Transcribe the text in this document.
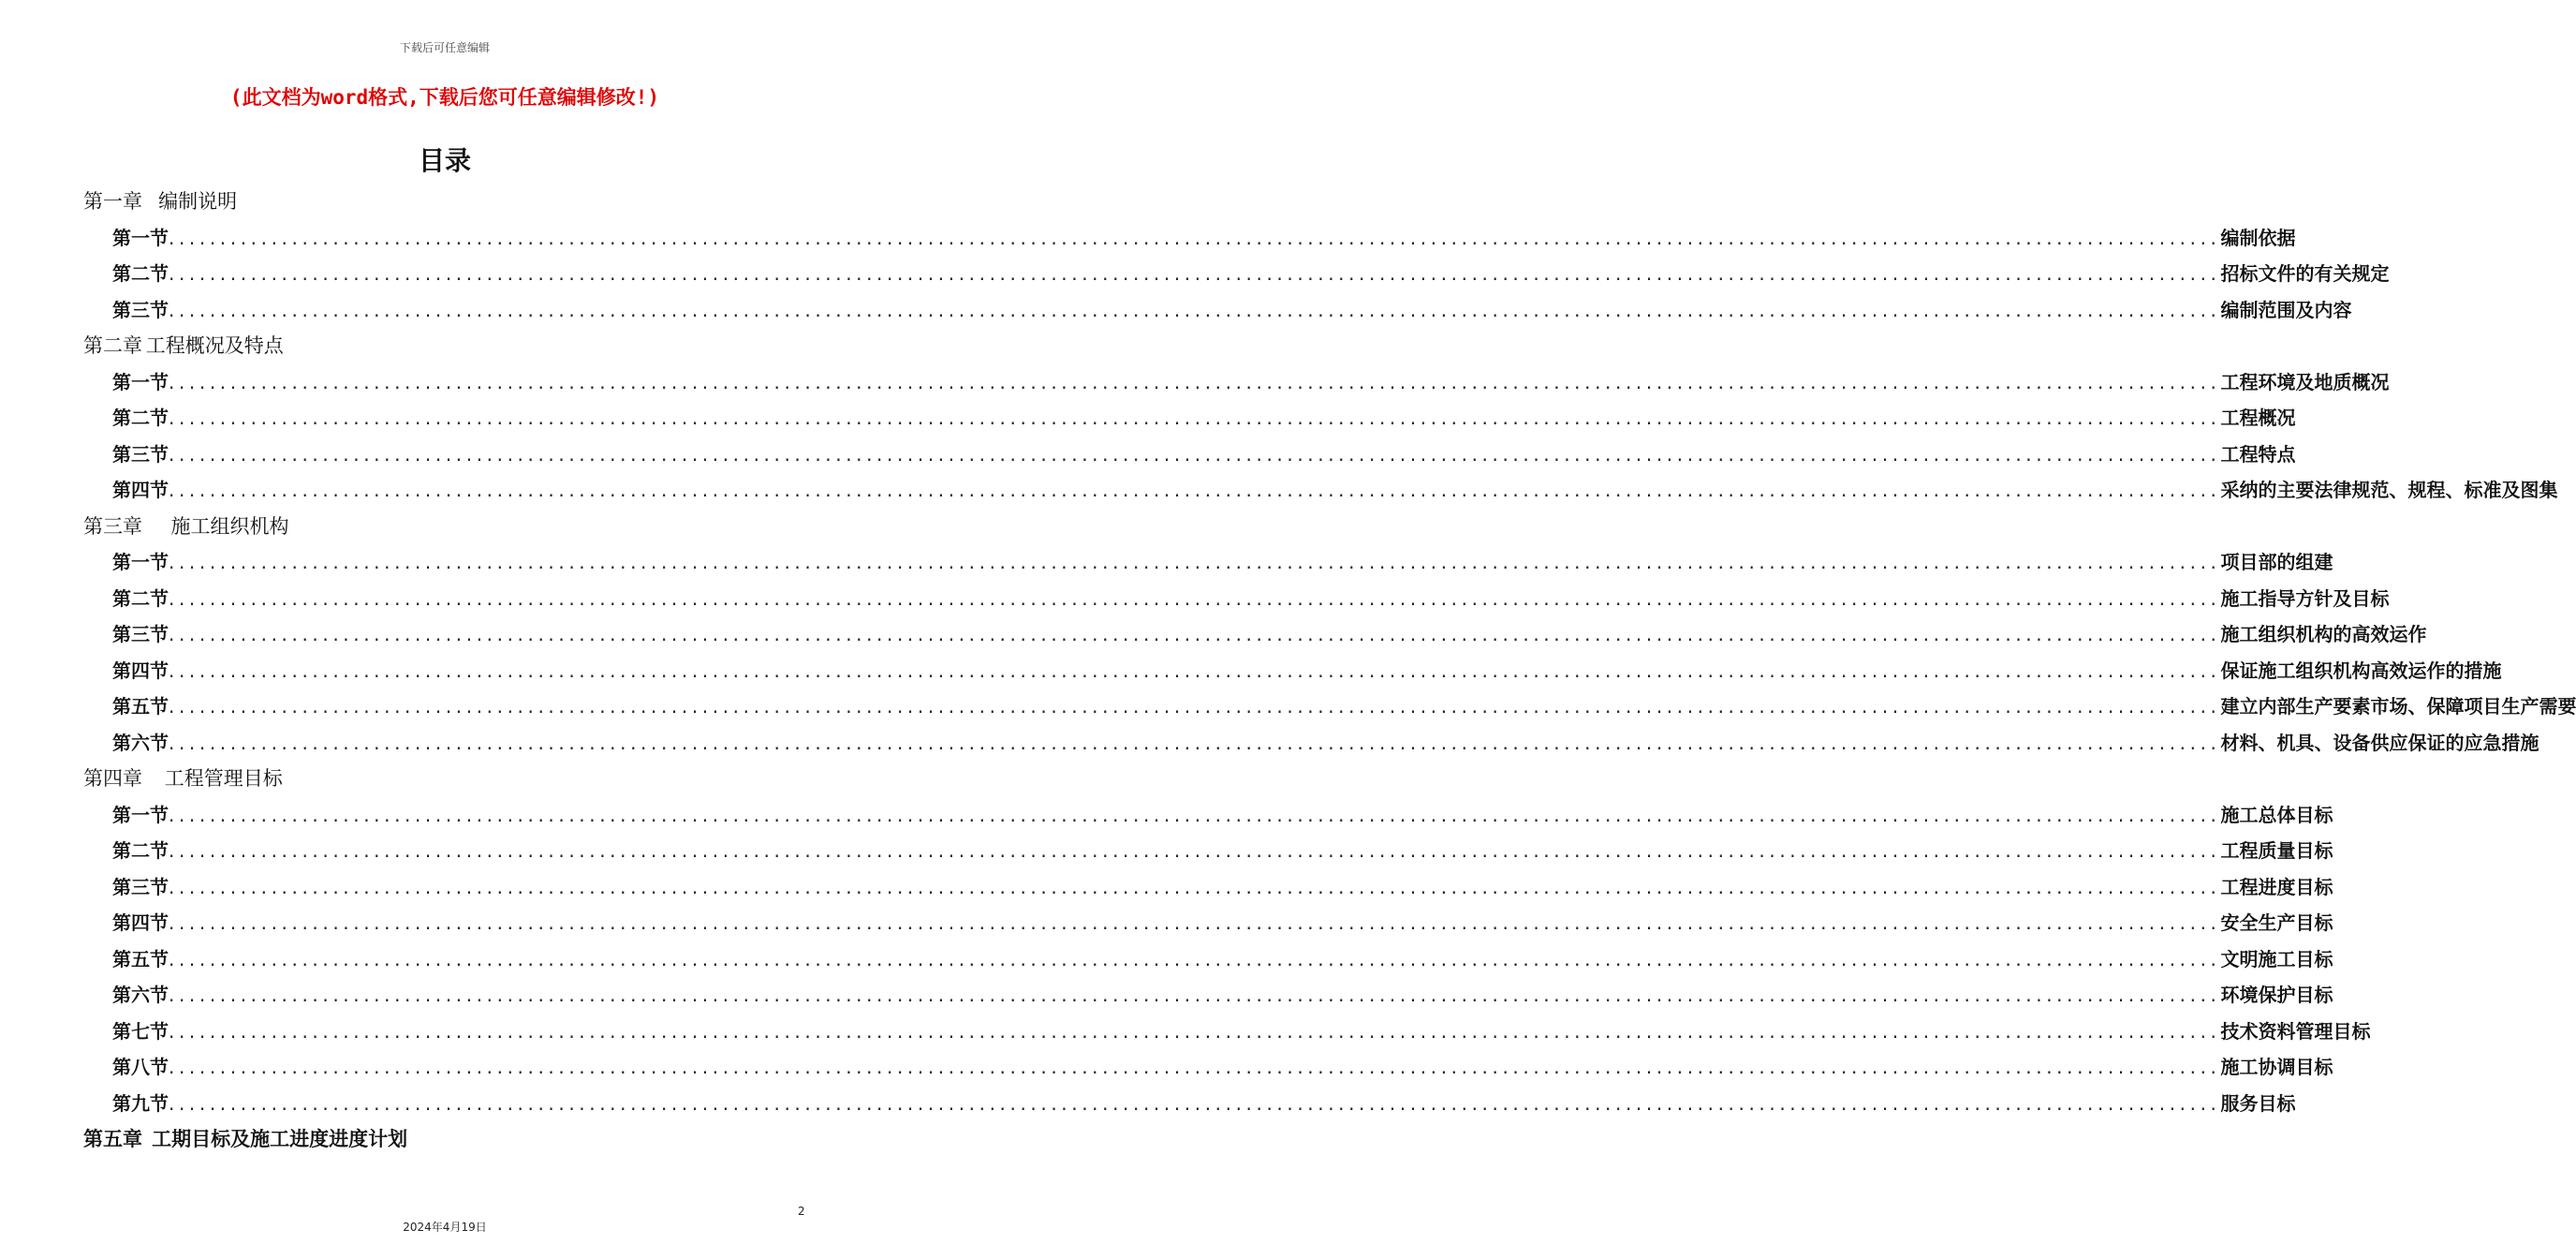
下载后可任意编辑
(此文档为word格式,下载后您可任意编辑修改!)
目录
第一章	编制说明
第一节 ........................................................................................................................................................................................................ 编制依据
第二节 ........................................................................................................................................................................................................ 招标文件的有关规定
第三节 ........................................................................................................................................................................................................ 编制范围及内容
第二章	工程概况及特点
第一节 ........................................................................................................................................................................................................ 工程环境及地质概况
第二节 ........................................................................................................................................................................................................ 工程概况
第三节 ........................................................................................................................................................................................................ 工程特点
第四节 ........................................................................................................................................................................................................ 采纳的主要法律规范、规程、标准及图集
第三章	施工组织机构
第一节 ........................................................................................................................................................................................................ 项目部的组建
第二节 ........................................................................................................................................................................................................ 施工指导方针及目标
第三节 ........................................................................................................................................................................................................ 施工组织机构的高效运作
第四节 ........................................................................................................................................................................................................ 保证施工组织机构高效运作的措施
第五节 ........................................................................................................................................................................................................ 建立内部生产要素市场、保障项目生产需要
第六节 ........................................................................................................................................................................................................ 材料、机具、设备供应保证的应急措施
第四章	工程管理目标
第一节 ........................................................................................................................................................................................................ 施工总体目标
第二节 ........................................................................................................................................................................................................ 工程质量目标
第三节 ........................................................................................................................................................................................................ 工程进度目标
第四节 ........................................................................................................................................................................................................ 安全生产目标
第五节 ........................................................................................................................................................................................................ 文明施工目标
第六节 ........................................................................................................................................................................................................ 环境保护目标
第七节 ........................................................................................................................................................................................................ 技术资料管理目标
第八节 ........................................................................................................................................................................................................ 施工协调目标
第九节 ........................................................................................................................................................................................................ 服务目标
第五章	工期目标及施工进度进度计划
2
2024年4月19日
